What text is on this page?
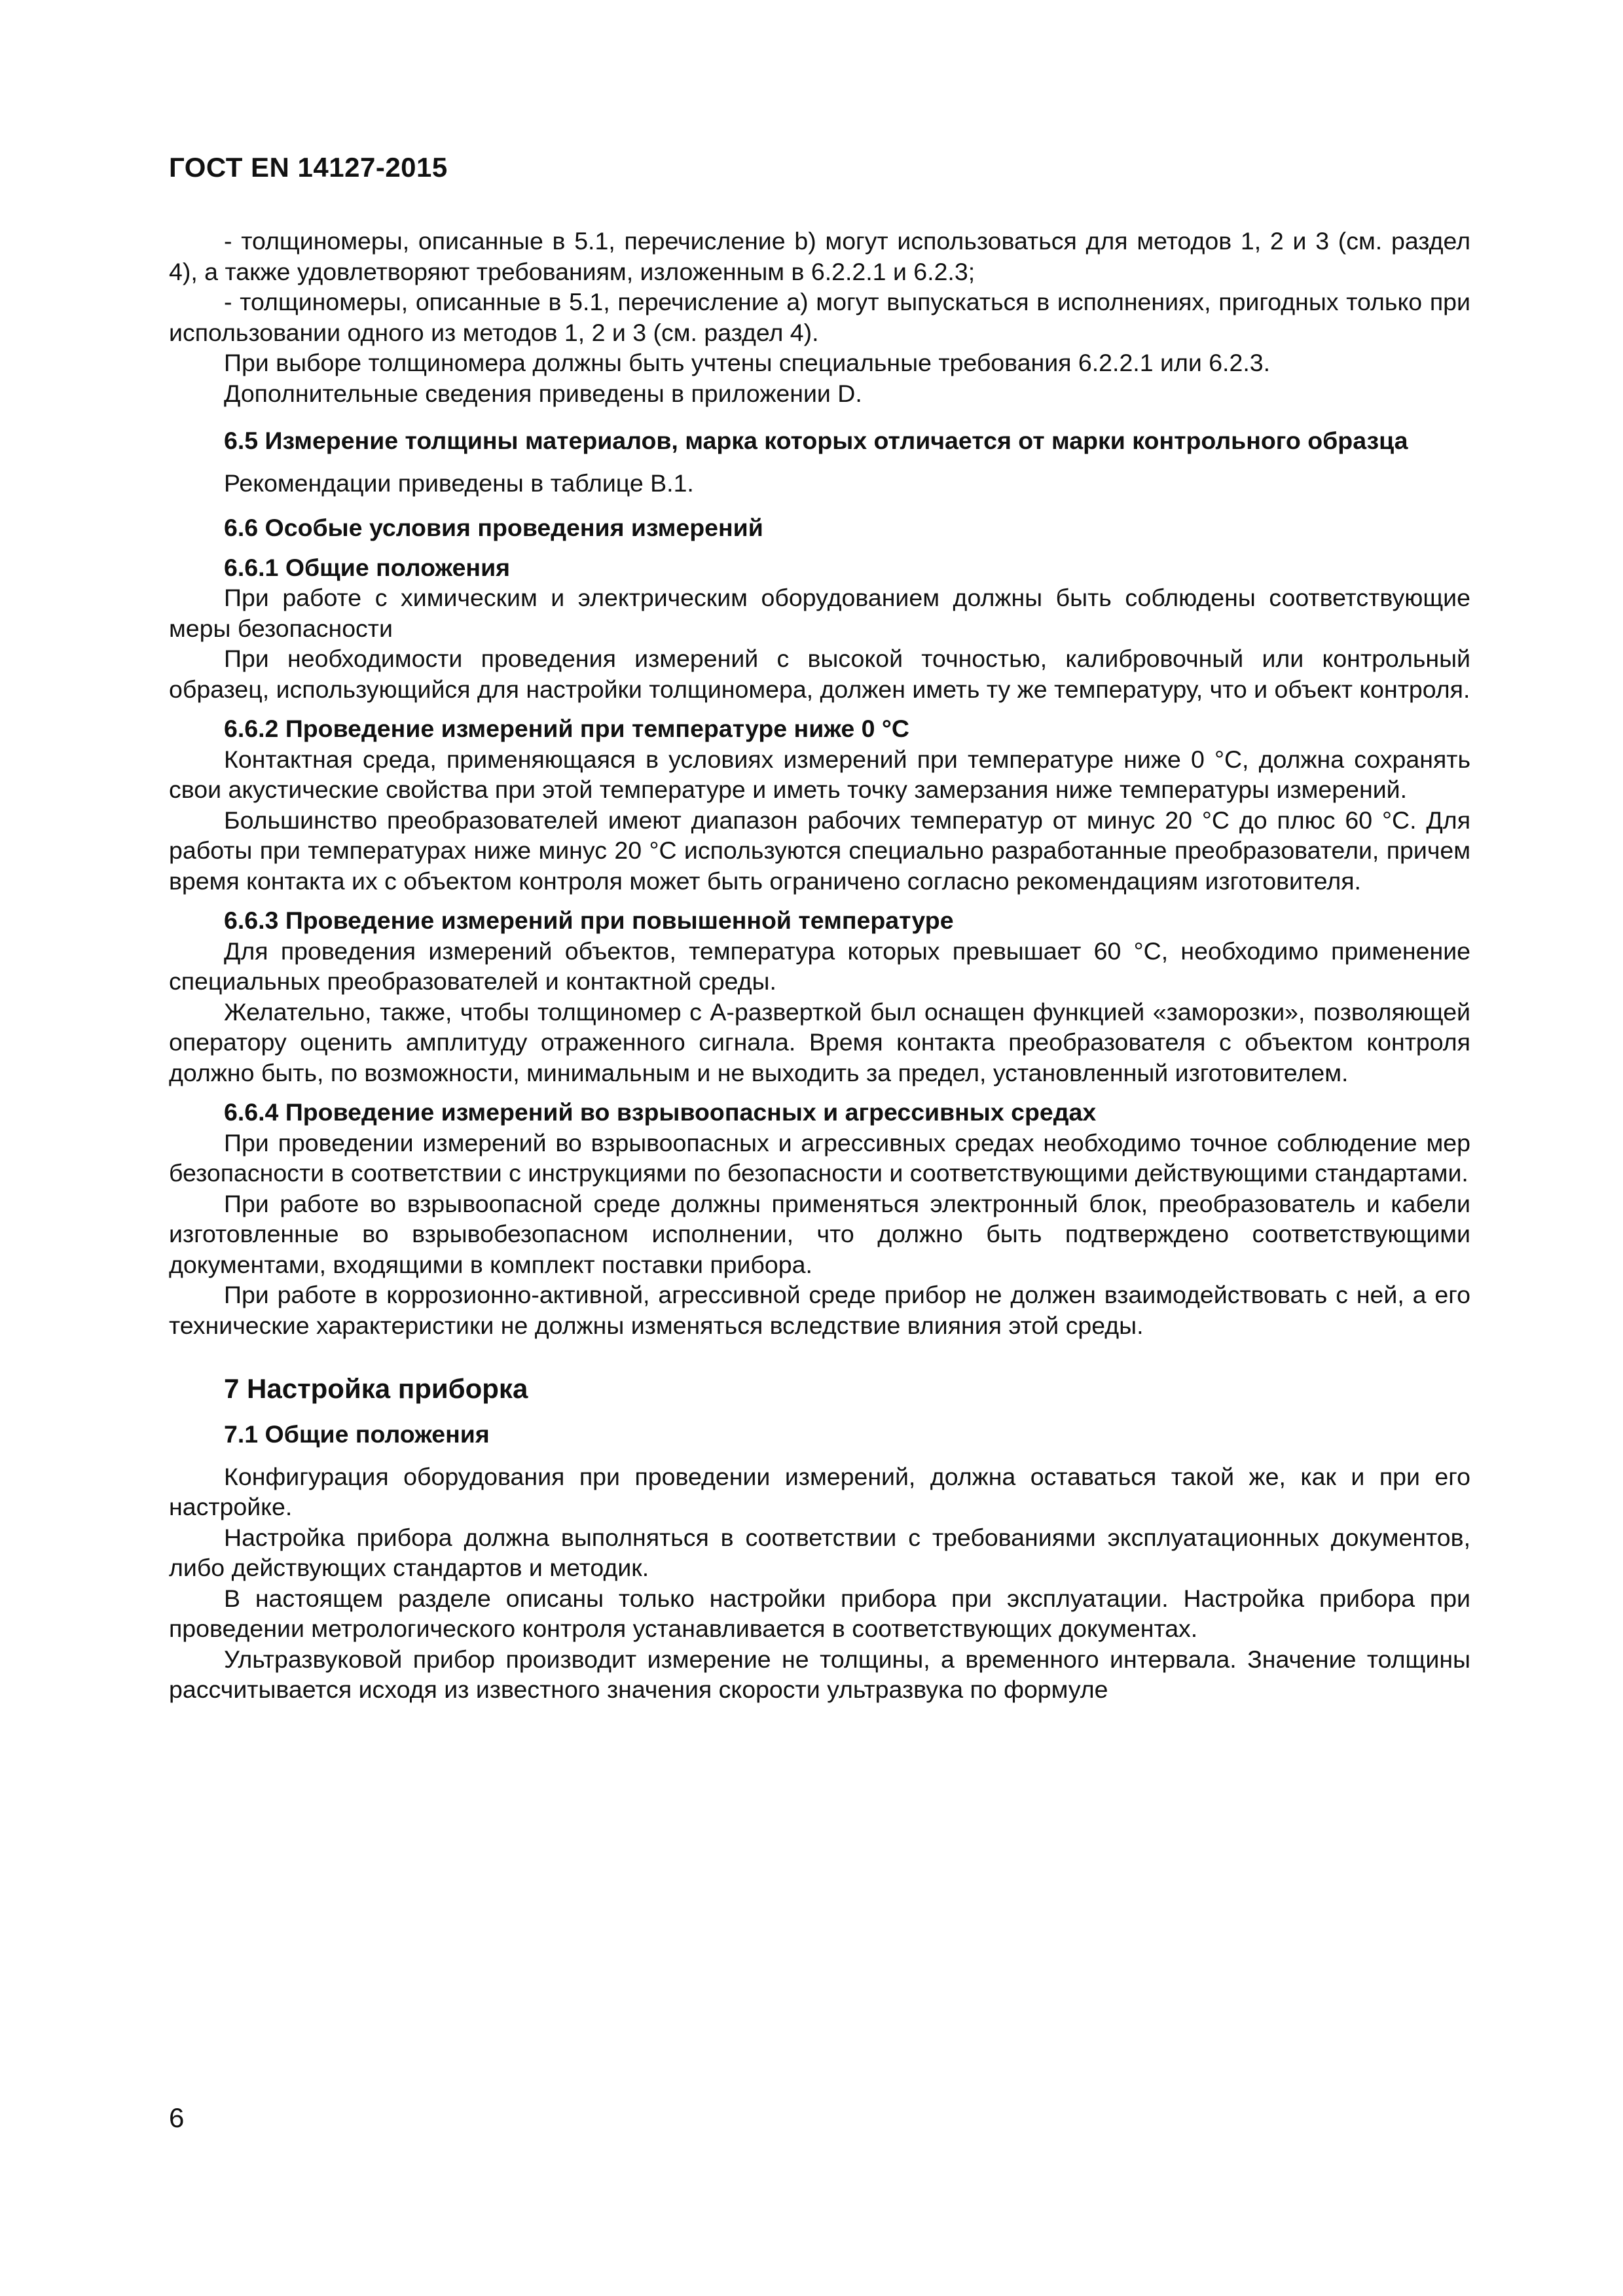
ГОСТ EN 14127-2015

- толщиномеры, описанные в 5.1, перечисление b) могут использоваться для методов 1, 2 и 3 (см. раздел 4), а также удовлетворяют требованиям, изложенным в 6.2.2.1 и 6.2.3;

- толщиномеры, описанные в 5.1, перечисление а) могут выпускаться в исполнениях, пригодных только при использовании одного из методов 1, 2 и 3 (см. раздел 4).

При выборе толщиномера должны быть учтены специальные требования 6.2.2.1 или 6.2.3.

Дополнительные сведения приведены в приложении D.

6.5 Измерение толщины материалов, марка которых отличается от марки контрольного образца

Рекомендации приведены в таблице В.1.

6.6 Особые условия проведения измерений

6.6.1 Общие положения

При работе с химическим и электрическим оборудованием должны быть соблюдены соответствующие меры безопасности

При необходимости проведения измерений с высокой точностью, калибровочный или контрольный образец, использующийся для настройки толщиномера, должен иметь ту же температуру, что и объект контроля.

6.6.2 Проведение измерений при температуре ниже 0 °С

Контактная среда, применяющаяся в условиях измерений при температуре ниже 0 °С, должна сохранять свои акустические свойства при этой температуре и иметь точку замерзания ниже температуры измерений.

Большинство преобразователей имеют диапазон рабочих температур от минус 20 °С до плюс 60 °С. Для работы при температурах ниже минус 20 °С используются специально разработанные преобразователи, причем время контакта их с объектом контроля может быть ограничено согласно рекомендациям изготовителя.

6.6.3 Проведение измерений при повышенной температуре

Для проведения измерений объектов, температура которых превышает 60 °С, необходимо применение специальных преобразователей и контактной среды.

Желательно, также, чтобы толщиномер с А-разверткой был оснащен функцией «заморозки», позволяющей оператору оценить амплитуду отраженного сигнала. Время контакта преобразователя с объектом контроля должно быть, по возможности, минимальным и не выходить за предел, установленный изготовителем.

6.6.4 Проведение измерений во взрывоопасных и агрессивных средах

При проведении измерений во взрывоопасных и агрессивных средах необходимо точное соблюдение мер безопасности в соответствии с инструкциями по безопасности и соответствующими действующими стандартами.

При работе во взрывоопасной среде должны применяться электронный блок, преобразователь и кабели изготовленные во взрывобезопасном исполнении, что должно быть подтверждено соответствующими документами, входящими в комплект поставки прибора.

При работе в коррозионно-активной, агрессивной среде прибор не должен взаимодействовать с ней, а его технические характеристики не должны изменяться вследствие влияния этой среды.

7 Настройка приборка

7.1 Общие положения

Конфигурация оборудования при проведении измерений, должна оставаться такой же, как и при его настройке.

Настройка прибора должна выполняться в соответствии с требованиями эксплуатационных документов, либо действующих стандартов и методик.

В настоящем разделе описаны только настройки прибора при эксплуатации. Настройка прибора при проведении метрологического контроля устанавливается в соответствующих документах.

Ультразвуковой прибор производит измерение не толщины, а временного интервала. Значение толщины рассчитывается исходя из известного значения скорости ультразвука по формуле

6
